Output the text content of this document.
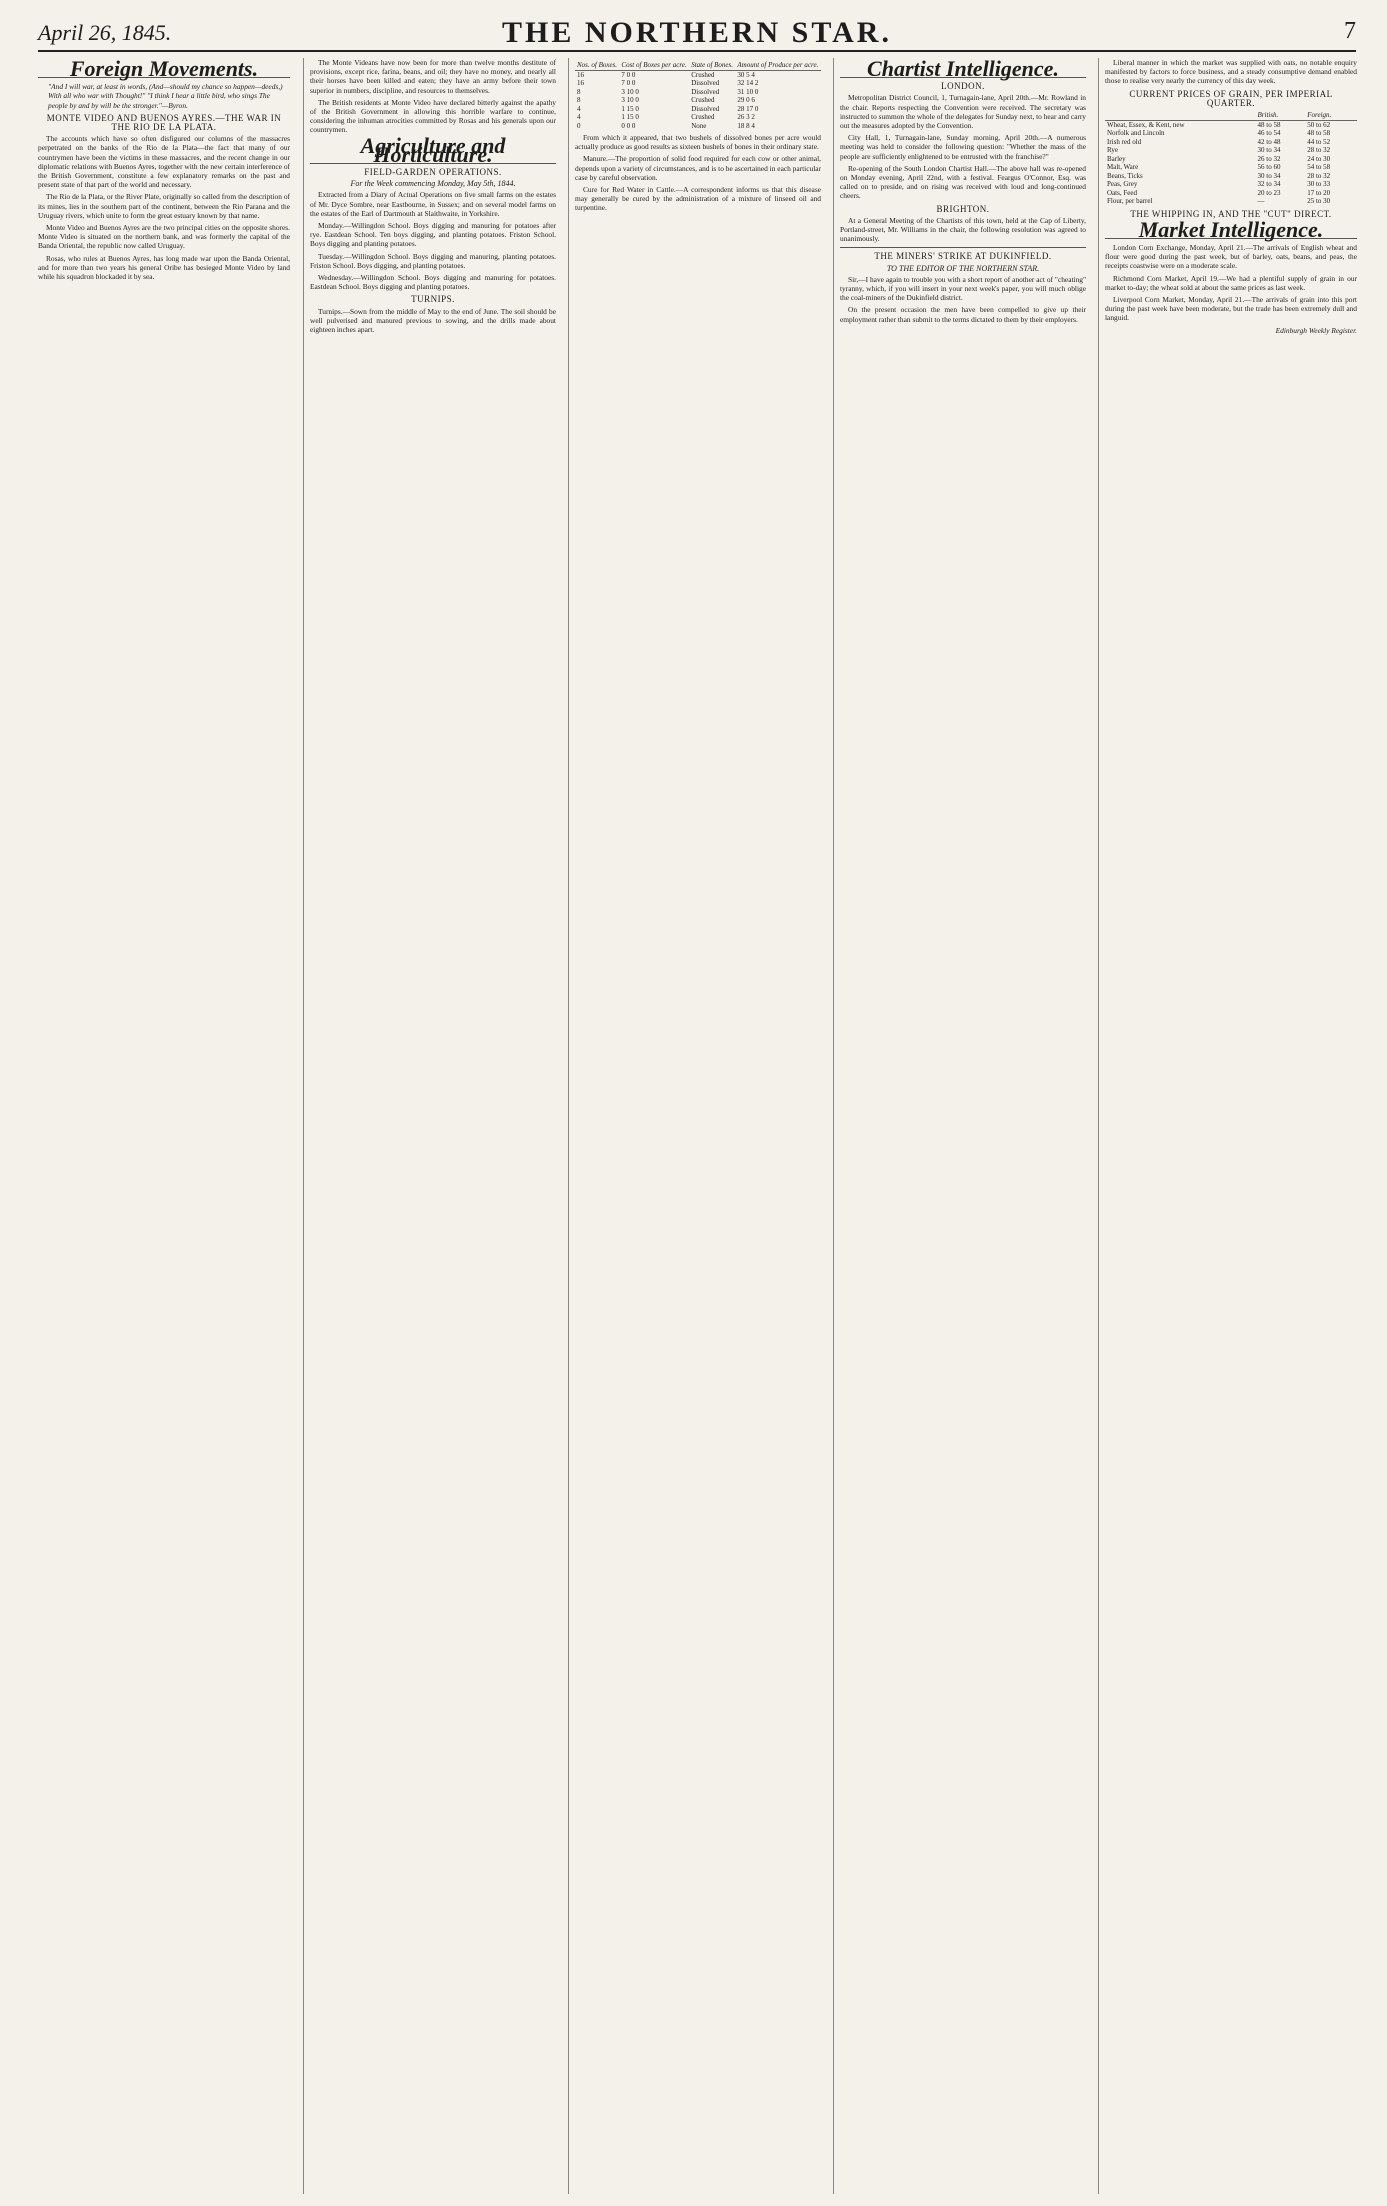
April 26, 1845.	THE NORTHERN STAR.	7
Foreign Movements.
"And I will war, at least in words, (And—should my chance so happen—deeds,) With all who war with Thought!" "I think I hear a little bird, who sings The people by and by will be the stronger."—Byron.
MONTE VIDEO AND BUENOS AYRES.—THE WAR IN THE RIO DE LA PLATA.

The accounts which have so often disfigured our columns of the massacres perpetrated on the banks of the Rio de la Plata—the fact that many of our countrymen have been the victims in these massacres, and the recent change in our diplomatic relations with Buenos Ayres, together with the new certain interference of the British Government, constitute a few explanatory remarks on the past and present state of that part of the world and necessary.

The Rio de la Plata, or the River Plate, originally so called from the description of its mines, lies in the southern part of the continent, between the Rio Parana and the Uruguay rivers, which unite to form the great estuary known by that name.

Monte Video and Buenos Ayres are the two principal cities on the opposite shores. Monte Video is situated on the northern bank, and was formerly the capital of the Banda Oriental, the republic now called Uruguay.

Rosas, who rules at Buenos Ayres, has long made war upon the Banda Oriental, and for more than two years his general Oribe has besieged Monte Video by land while his squadron blockaded it by sea.

The Monte Videans have now been for more than twelve months destitute of provisions, except rice, farina, beans, and oil; they have no money, and nearly all their horses have been killed and eaten; they have an army before their town superior in numbers, discipline, and resources to themselves.

The British residents at Monte Video have declared bitterly against the apathy of the British Government in allowing this horrible warfare to continue, considering the inhuman atrocities committed by Rosas and his generals upon our countrymen.

Agriculture and Horticulture.
FIELD-GARDEN OPERATIONS.
For the Week commencing Monday, May 5th, 1844.

Extracted from a Diary of Actual Operations on five small farms on the estates of Mr. Dyce Sombre, near Eastbourne, in Sussex; and on several model farms on the estates of the Earl of Dartmouth at Slaithwaite, in Yorkshire.

Monday.—Willingdon School. Boys digging and manuring for potatoes after rye. Eastdean School. Ten boys digging, and planting potatoes. Friston School. Boys digging and planting potatoes.

Tuesday.—Willingdon School. Boys digging and manuring, planting potatoes. Friston School. Boys digging, and planting potatoes.

Wednesday.—Willingdon School. Boys digging and manuring for potatoes. Eastdean School. Boys digging and planting potatoes.

TURNIPS.

Turnips.—Sown from the middle of May to the end of June. The soil should be well pulverised and manured previous to sowing, and the drills made about eighteen inches apart.

Nos. of Boxes.	Cost of Boxes per acre.	State of Bones.	Amount of Produce per acre.
16	7 0 0	Crushed	30 5 4
16	7 0 0	Dissolved	32 14 2
8	3 10 0	Dissolved	31 10 0
8	3 10 0	Crushed	29 0 6
4	1 15 0	Dissolved	28 17 0
4	1 15 0	Crushed	26 3 2
0	0 0 0	None	18 8 4

From which it appeared, that two bushels of dissolved bones per acre would actually produce as good results as sixteen bushels of bones in their ordinary state.

Manure.—The proportion of solid food required for each cow or other animal, depends upon a variety of circumstances, and is to be ascertained in each particular case by careful observation.

Cure for Red Water in Cattle.—A correspondent informs us that this disease may generally be cured by the administration of a mixture of linseed oil and turpentine.

Chartist Intelligence.
LONDON.

Metropolitan District Council, 1, Turnagain-lane, April 20th.—Mr. Rowland in the chair. Reports respecting the Convention were received. The secretary was instructed to summon the whole of the delegates for Sunday next, to hear and carry out the measures adopted by the Convention.

City Hall, 1, Turnagain-lane, Sunday morning, April 20th.—A numerous meeting was held to consider the following question: "Whether the mass of the people are sufficiently enlightened to be entrusted with the franchise?"

Re-opening of the South London Chartist Hall.—The above hall was re-opened on Monday evening, April 22nd, with a festival. Feargus O'Connor, Esq. was called on to preside, and on rising was received with loud and long-continued cheers.

BRIGHTON.

At a General Meeting of the Chartists of this town, held at the Cap of Liberty, Portland-street, Mr. Williams in the chair, the following resolution was agreed to unanimously.

THE MINERS' STRIKE AT DUKINFIELD.
TO THE EDITOR OF THE NORTHERN STAR.

Sir,—I have again to trouble you with a short report of another act of "cheating" tyranny, which, if you will insert in your next week's paper, you will much oblige the coal-miners of the Dukinfield district.

On the present occasion the men have been compelled to give up their employment rather than submit to the terms dictated to them by their employers.

Liberal manner in which the market was supplied with oats, no notable enquiry manifested by factors to force business, and a steady consumptive demand enabled those to realise very nearly the currency of this day week.

CURRENT PRICES OF GRAIN, PER IMPERIAL QUARTER.
	British.	Foreign.
Wheat, Essex, & Kent, new	48 to 58	50 to 62
Norfolk and Lincoln	46 to 54	48 to 58
Irish red old	42 to 48	44 to 52
Rye	30 to 34	28 to 32
Barley	26 to 32	24 to 30
Malt, Ware	56 to 60	54 to 58
Beans, Ticks	30 to 34	28 to 32
Peas, Grey	32 to 34	30 to 33
Oats, Feed	20 to 23	17 to 20
Flour, per barrel	—	25 to 30
THE WHIPPING IN, AND THE "CUT" DIRECT.
Market Intelligence.

London Corn Exchange, Monday, April 21.—The arrivals of English wheat and flour were good during the past week, but of barley, oats, beans, and peas, the receipts coastwise were on a moderate scale.

Richmond Corn Market, April 19.—We had a plentiful supply of grain in our market to-day; the wheat sold at about the same prices as last week.

Liverpool Corn Market, Monday, April 21.—The arrivals of grain into this port during the past week have been moderate, but the trade has been extremely dull and languid.

Edinburgh Weekly Register.
